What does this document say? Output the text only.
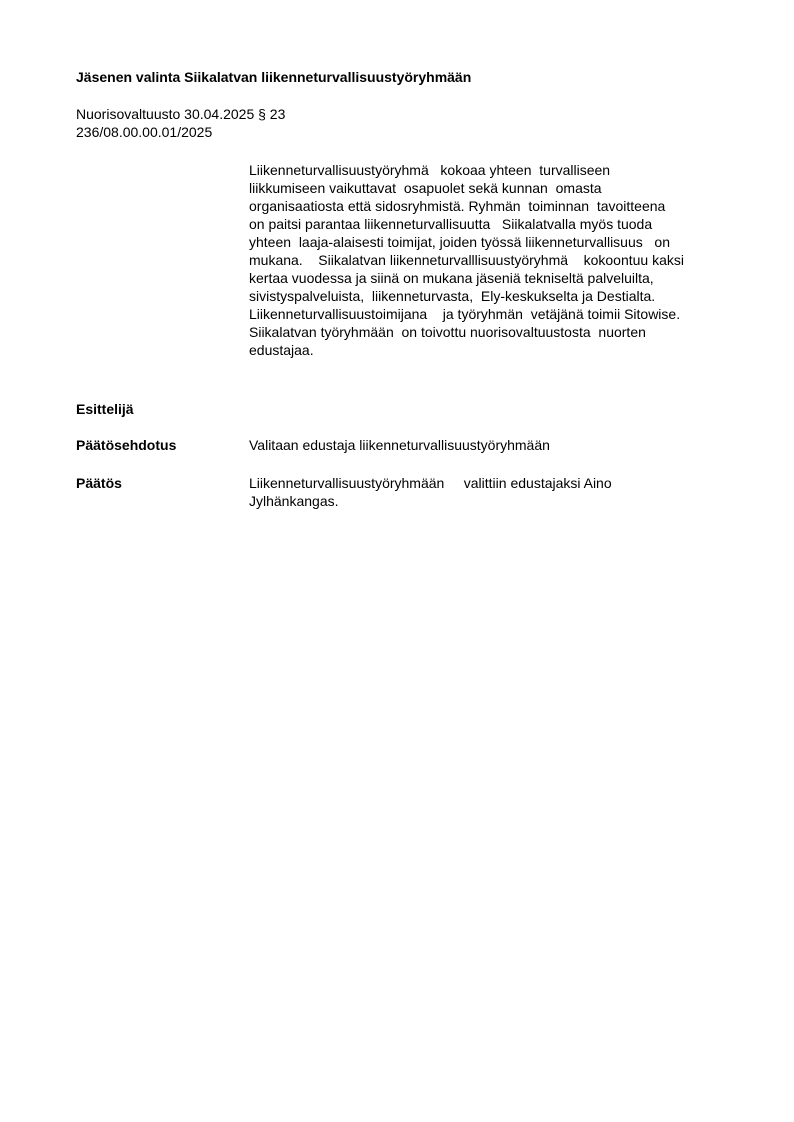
Jäsenen valinta Siikalatvan liikenneturvallisuustyöryhmään
Nuorisovaltuusto 30.04.2025 § 23
236/08.00.00.01/2025
Liikenneturvallisuustyöryhmä   kokoaa yhteen  turvalliseen
liikkumiseen vaikuttavat  osapuolet sekä kunnan  omasta
organisaatiosta että sidosryhmistä. Ryhmän  toiminnan  tavoitteena
on paitsi parantaa liikenneturvallisuutta   Siikalatvalla myös tuoda
yhteen  laaja-alaisesti toimijat, joiden työssä liikenneturvallisuus   on
mukana.    Siikalatvan liikenneturvalllisuustyöryhmä    kokoontuu kaksi
kertaa vuodessa ja siinä on mukana jäseniä tekniseltä palveluilta,
sivistyspalveluista,  liikenneturvasta,  Ely-keskukselta ja Destialta.
Liikenneturvallisuustoimijana    ja työryhmän  vetäjänä toimii Sitowise.
Siikalatvan työryhmään  on toivottu nuorisovaltuustosta  nuorten
edustajaa.
Esittelijä
Päätösehdotus	Valitaan edustaja liikenneturvallisuustyöryhmään
Päätös	Liikenneturvallisuustyöryhmään     valittiin edustajaksi Aino
Jylhänkangas.
